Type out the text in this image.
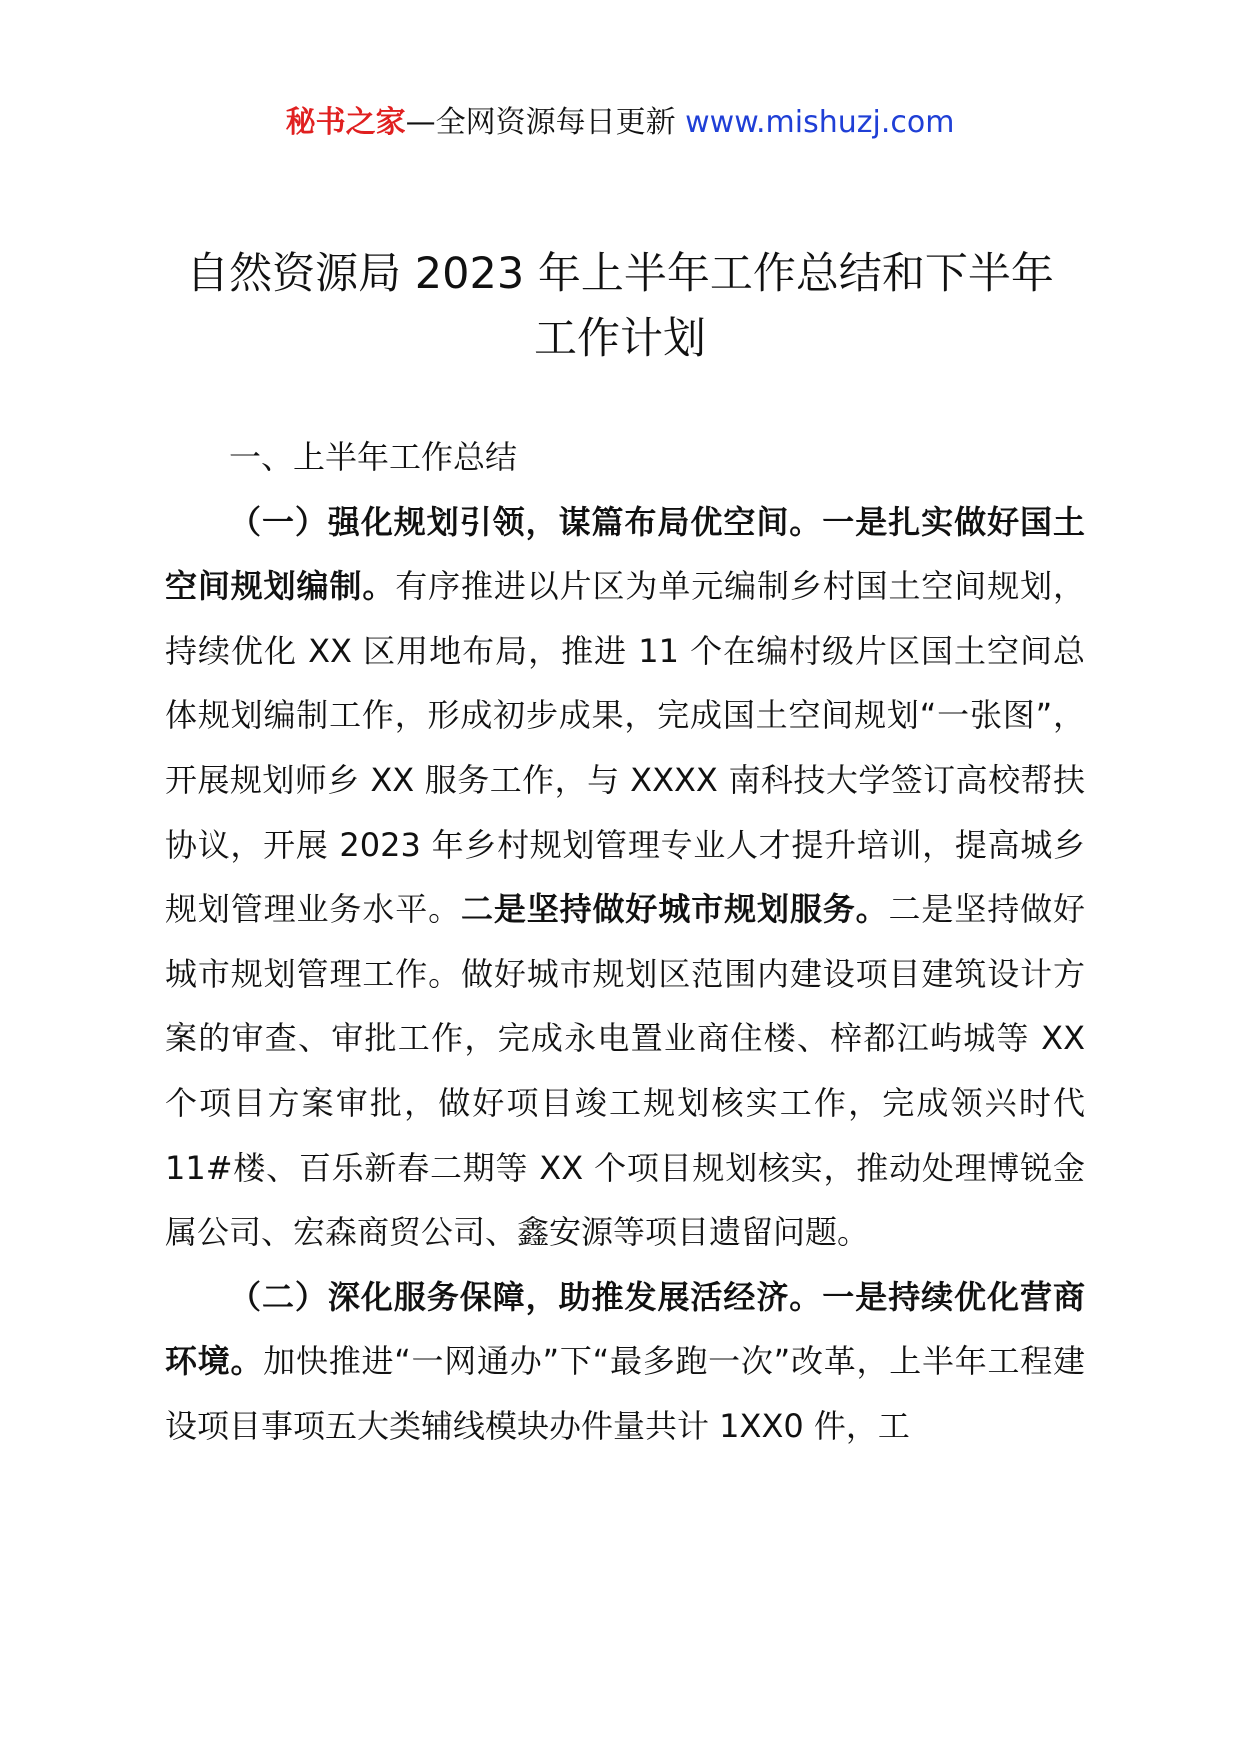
秘书之家—全网资源每日更新 www.mishuzj.com
自然资源局 2023 年上半年工作总结和下半年
工作计划

一、上半年工作总结

（一）强化规划引领，谋篇布局优空间。一是扎实做好国土空间规划编制。有序推进以片区为单元编制乡村国土空间规划，持续优化 XX 区用地布局，推进 11 个在编村级片区国土空间总体规划编制工作，形成初步成果，完成国土空间规划“一张图”，开展规划师乡 XX 服务工作，与 XXXX 南科技大学签订高校帮扶协议，开展 2023 年乡村规划管理专业人才提升培训，提高城乡规划管理业务水平。二是坚持做好城市规划服务。二是坚持做好城市规划管理工作。做好城市规划区范围内建设项目建筑设计方案的审查、审批工作，完成永电置业商住楼、梓都江屿城等 XX 个项目方案审批，做好项目竣工规划核实工作，完成领兴时代 11#楼、百乐新春二期等 XX 个项目规划核实，推动处理博锐金属公司、宏森商贸公司、鑫安源等项目遗留问题。

（二）深化服务保障，助推发展活经济。一是持续优化营商环境。加快推进“一网通办”下“最多跑一次”改革，上半年工程建设项目事项五大类辅线模块办件量共计 1XX0 件，工
